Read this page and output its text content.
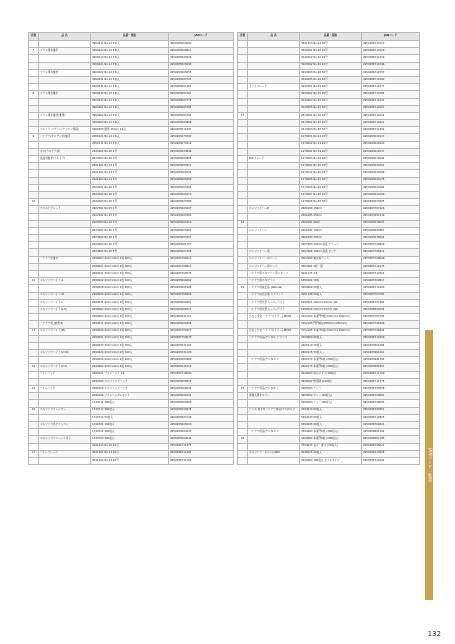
頁数	品 名	品番・規格	JANコード
		3900211 No.12 3本入	4950283003600
7	ブラシ用糸継手	3900212 No.12 2本入	4950283009817
		3900213 No.12 2本入	4950283003624
		3900421 No.12 3本入	4950283003648
	ブラシ用糸継ぎ	3900422 No.12 2本入	4950283003655
		3900431 No.12 3本入	4950283003723
		3900441 No.12 3本入	4950283003754
8	ブラシ用糸継手	3900442 No.12 2本入	4950283003761
		3900443 No.12 2本入	4950283003778
		3900461 No.12 1本入	4950283003785
	ブラシ用糸継ぎ(兼用)	3900462 No.12 3本入	4950283003792
		3900463 No.12 1本入	4950283003808
	ウルトラ ベテラン(ナフロン製品)	3900203 通帯 10mm 1本入	4950283014397
9	ハケアワ(オロテンポ)継手	2800121 No.12 1本入	4950283073202
		2800131 No.12 1本入	4950283073219
	ボロ(ウルトラ)用	2620302 No.20 2号	4950283003846
	液晶用継ぎ(ウルトラ)	2620303 No.20 3号	4950283003884
		2621401 No.14 1号	4950283003921
		2621402 No.14 2号	4950283003242
		2621403 No.14 3号	4950283003259
		2622001 No.20 1号	4950283003266
		2622002 No.20 2号	4950283003273
10		2622003 No.20 3号	4950283003280
	ウエルドブレード	2622501 No.25 1号	4950283003297
		2622502 No.25 2号	4950283003303
		2622503 No.25 3号	4950283003310
		2623001 No.30 1号	4950283003402
		2623002 No.30 2号	4950283003457
		2624003 No.40 3号	4950283001757
		2624005 No.40 5号	4950283007408
	ハケアワ用継ぎ	2690003 4mm×4cm 2枚 300入	4950283700010
		2690021 4mm×4cm 2枚 300入	4950283700013
		2690021 4mm×4cm 2枚 300入	4950283700075
12	エルファウバイト-S	2690022 4mm×4cm 2枚 300入	4950283000062
		2690028 4mm×4cm 2枚 300入	4950283001906
	エルファウバイト-M	2690034 4mm×4cm 2枚 300入	4950283709966
	エルファウバイト-L	2690031 4mm×4cm 2枚 300入	4950283000491
	エルファウバイト(L-S)	2690062 4mm×4cm 2枚 300入	4950283062013
		2690063 4mm×4cm 2枚 300入	4950283031113
	ハケアワ用_継ぎ(4)	2690071 4mm×4cm 2枚 300入	4950283000408
13	エルファウバイト(M)	2690020 4mm×4cm 2枚 300入	4950283709973
		2690021 4mm×4cm 2枚 300入	4950283700070
		2690033 4mm×4cm 2枚 300入	4950283031102
	エルファウバイト(V-30)	2690024 4mm×4cm 2枚 300入	4950283031126
		2690054 4mm×4cm 4枚 100入	4950283003980
14	エルファウバイト(V-4)	2690064 4mm×4cm 4枚 100入	4950283031010
	ソイレバック	2690101 ソイレバック 1本	4950283710000
		2690104 エルファンズバック	4950283000019
15	ソイレバック	2690105 エルファンズバック	4950283000026
		2690106 ソイレバックL-セット	4950283000132
		1740711 100枚入	4950283003668
16	エルファウクレンザー	1740712 300枚入	4950283003675
		1740714 50枚入	4950283003149
	エルファウ水クリンエン	1740721 100枚入	4950283003020
		1740722 300枚入	4950283003037
	エルファウクリーンスポン	1740723 300枚入	4950283003044
		3041013 No.10 10号	4950286711475
17	ソイレブレード	3041401 No.14 10号	4950286711495
		3041402 No.14 20号	4950286711509
頁数	品 名	品番・規格	JANコード
		3041403 No.14 30号	4950286711513
		3042001 No.20 10号	4950286711523
		3042002 No.20 20号	4950286711539
		3043002 No.20 20号	4950286711546
		3043003 No.20 30号	4950286711553
		3042005 No.20 50号	4950286711560
	ドライブレード	3042501 No.25 10号	4950286711577
		3043002 No.25 20号	4950286711584
		3043003 No.25 30号	4950286711591
		3043005 No.25 50号	4950286711607
17		2613001 No.30 10号	4950286711614
		2613002 No.30 20号	4950286711621
		2613003 No.30 30号	4950286711492
		1270001 No.14 10号	4950283020113
		1270002 No.14 20号	4950283020120
		1270001 No.14 20号	4950283020137
	ECLブレード	1270003 No.20 10号	4950283020144
		1270004 No.20 10号	4950283020151
		1270012 No.20 20号	4950283020168
		1270005 No.25 10号	4950283020175
		1270006 No.25 20号	4950283020182
		1270007 No.30 10号	4950283020199
		1270008 No.40 30号	4950283020205
	ユニファイバーB	2606184 150ml	4950283707226
		2606185 250ml	4950283697439
18		2606181 60ml	4950283036007
	ユニファイバー	2606182 150ml	4950283691867
		2606183 250ml	4950283036064
		3007663 150ml 液液 クリーン	4950283706809
	ユニファイバー用	3007666 150ml 液液 ピンク	4950283706412
	ユニファイバー用シート	3007680 解剖用ベース	4950283708049
	ユニファイバー用シート	3007681 1枚・組	4950283712175
	ハケアワ用エキブラシ用スタッフ	3001135 1本	4950283712514
	ハケアワ用エキブラシ	1650101 50本	4950283700817
19	ハケアワ用純正品 (Natural)	3009069 50枚入	4950286711600
	ハケアワ用光沢剤 エクストラ	3001108 50枚入	4950283703791
	ハケアワ用光沢スーパーライト	1999521 20mm×22mm 3pk	4950286707304
	ハケアワ用光沢スーパーライト	1999522 20mm×22mm 2pk	4950286802504
	ひなしず全 ハケアワ(アワー)-M000	3152103 本軍門6枚(250mm×300mm)	4950283705705
		3152105 門門6枚(250mm×250mm)	4950283706306
	ひなしず全 ハケアワ(アワー)-M000	3152105 本軍門6枚(250mm×300mm)	4950283706824
	ハケアワ用品(ヤロ)Vルフ プラス	3394060 60枚入	4950286711609
		2600110 20枚入	4950283964184
		2600115 50枚入	4950283964161
	ハケアワ用品(ヤロ)Vルフ	2600174 本軍門6枚 (250枚入)	4950283981795
		2600175 本軍門6枚 (250枚入)	4950283981801
		3940003 枚小ネタス(100枚)	4950286711769
		3940002 壁用防 (100枚)	4950286711775
23	ハケアワ用品(ヤロ)Vルフ	3005063 ナンバ	4950286709568
	保湿入用オルラー	3905052 ナンバ (60枚入)	4950286709561
		3905053 ナンバ (60枚入)	4950286709605
	ソミル 巻き付ハケアワ専用(ヤロ)Vルフ	3394072 60枚入	4950286704951
		3394043 60枚入	4950286712825
		3394045 60枚入	4950286704821
	ハケアワ用品(ヤロ)Vルフ	3394063 本軍門6枚 (300枚入)	4950286801192
24		3394064 本軍門6枚 (200枚入)	4950286801185
		3394075 長方・厚さ (20枚入)	4950286705021
	エルファウ・ホルン(1000	3940025 20枚入	4950286713535
		3940000 100枚入 ボトルタイプ	4950286712402	JANコード一覧表
132
